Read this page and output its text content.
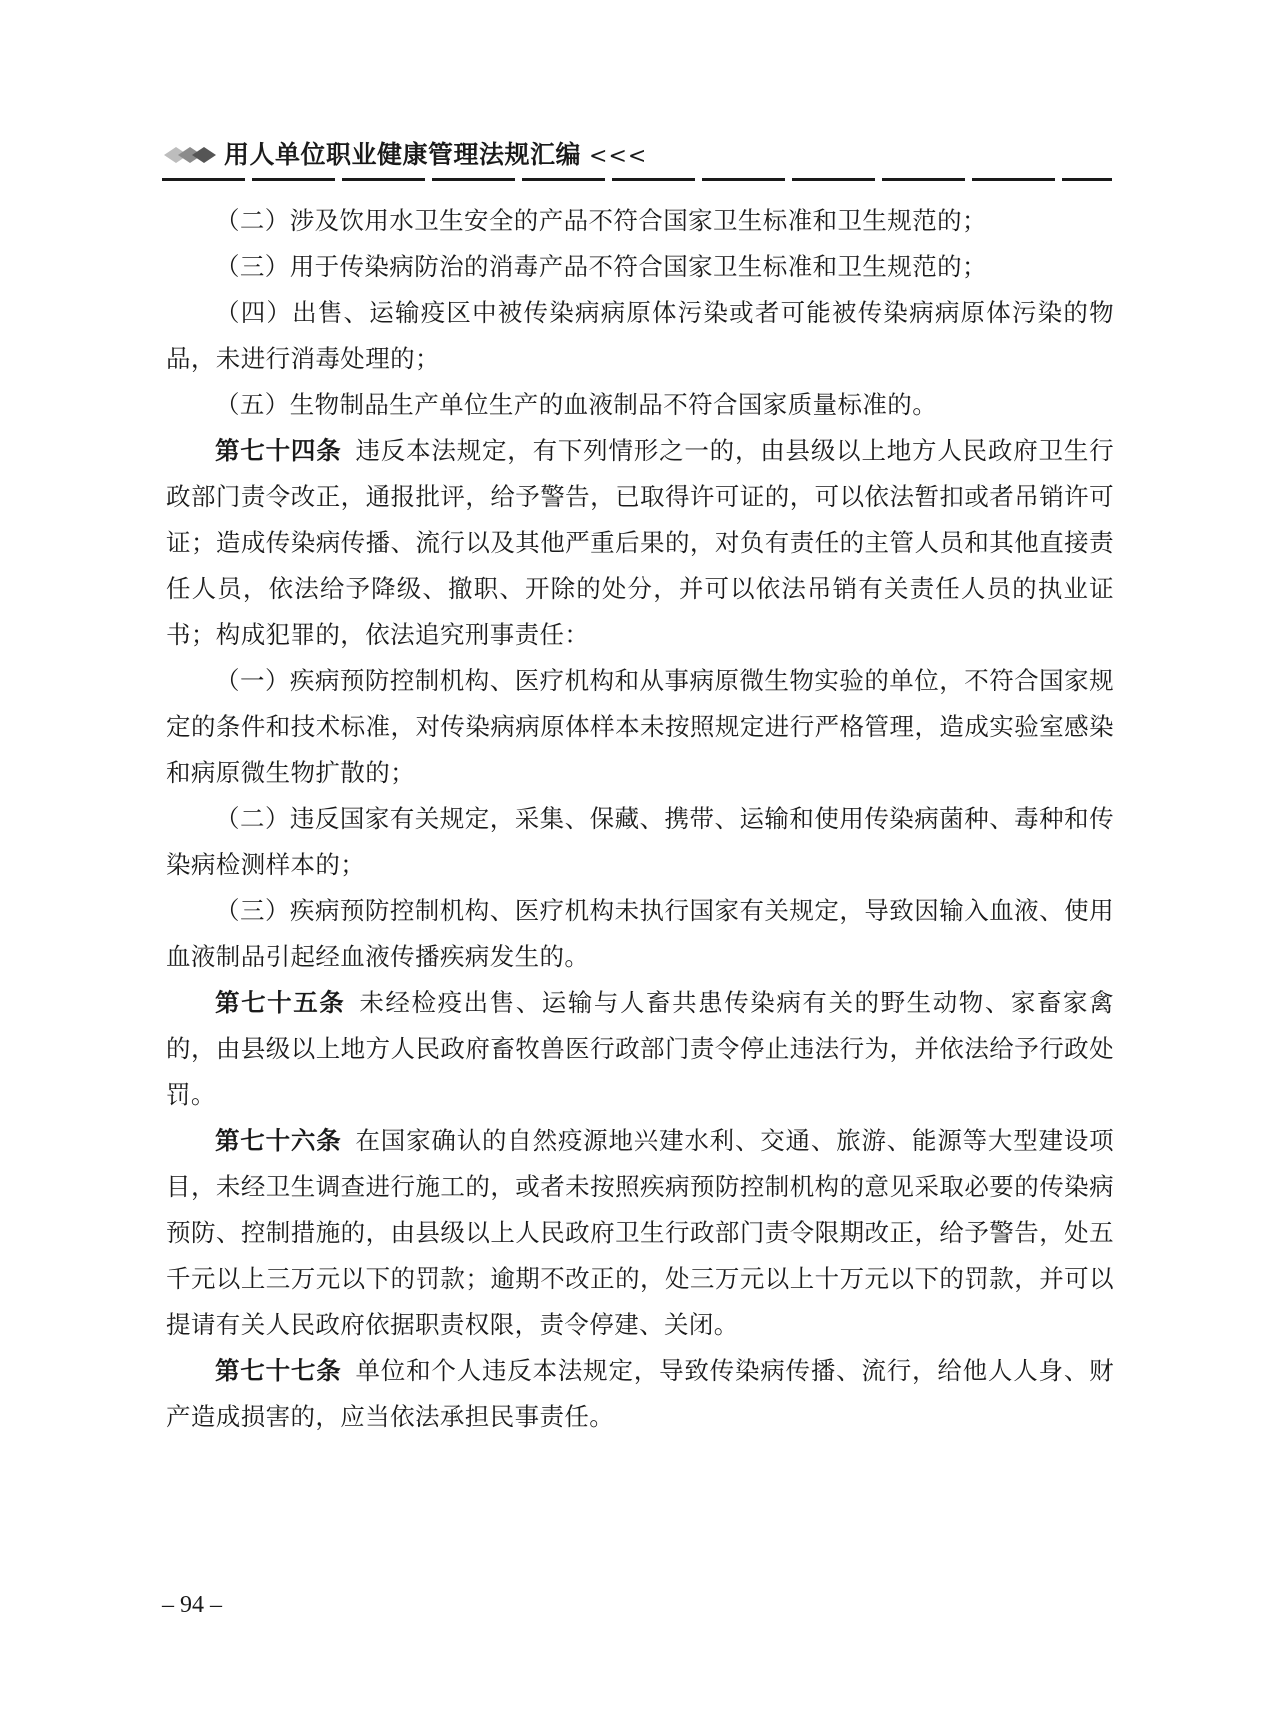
用人单位职业健康管理法规汇编 <<<

（二）涉及饮用水卫生安全的产品不符合国家卫生标准和卫生规范的；

（三）用于传染病防治的消毒产品不符合国家卫生标准和卫生规范的；

（四）出售、运输疫区中被传染病病原体污染或者可能被传染病病原体污染的物品，未进行消毒处理的；

（五）生物制品生产单位生产的血液制品不符合国家质量标准的。

第七十四条 违反本法规定，有下列情形之一的，由县级以上地方人民政府卫生行政部门责令改正，通报批评，给予警告，已取得许可证的，可以依法暂扣或者吊销许可证；造成传染病传播、流行以及其他严重后果的，对负有责任的主管人员和其他直接责任人员，依法给予降级、撤职、开除的处分，并可以依法吊销有关责任人员的执业证书；构成犯罪的，依法追究刑事责任：

（一）疾病预防控制机构、医疗机构和从事病原微生物实验的单位，不符合国家规定的条件和技术标准，对传染病病原体样本未按照规定进行严格管理，造成实验室感染和病原微生物扩散的；

（二）违反国家有关规定，采集、保藏、携带、运输和使用传染病菌种、毒种和传染病检测样本的；

（三）疾病预防控制机构、医疗机构未执行国家有关规定，导致因输入血液、使用血液制品引起经血液传播疾病发生的。

第七十五条 未经检疫出售、运输与人畜共患传染病有关的野生动物、家畜家禽的，由县级以上地方人民政府畜牧兽医行政部门责令停止违法行为，并依法给予行政处罚。

第七十六条 在国家确认的自然疫源地兴建水利、交通、旅游、能源等大型建设项目，未经卫生调查进行施工的，或者未按照疾病预防控制机构的意见采取必要的传染病预防、控制措施的，由县级以上人民政府卫生行政部门责令限期改正，给予警告，处五千元以上三万元以下的罚款；逾期不改正的，处三万元以上十万元以下的罚款，并可以提请有关人民政府依据职责权限，责令停建、关闭。

第七十七条 单位和个人违反本法规定，导致传染病传播、流行，给他人人身、财产造成损害的，应当依法承担民事责任。

– 94 –
